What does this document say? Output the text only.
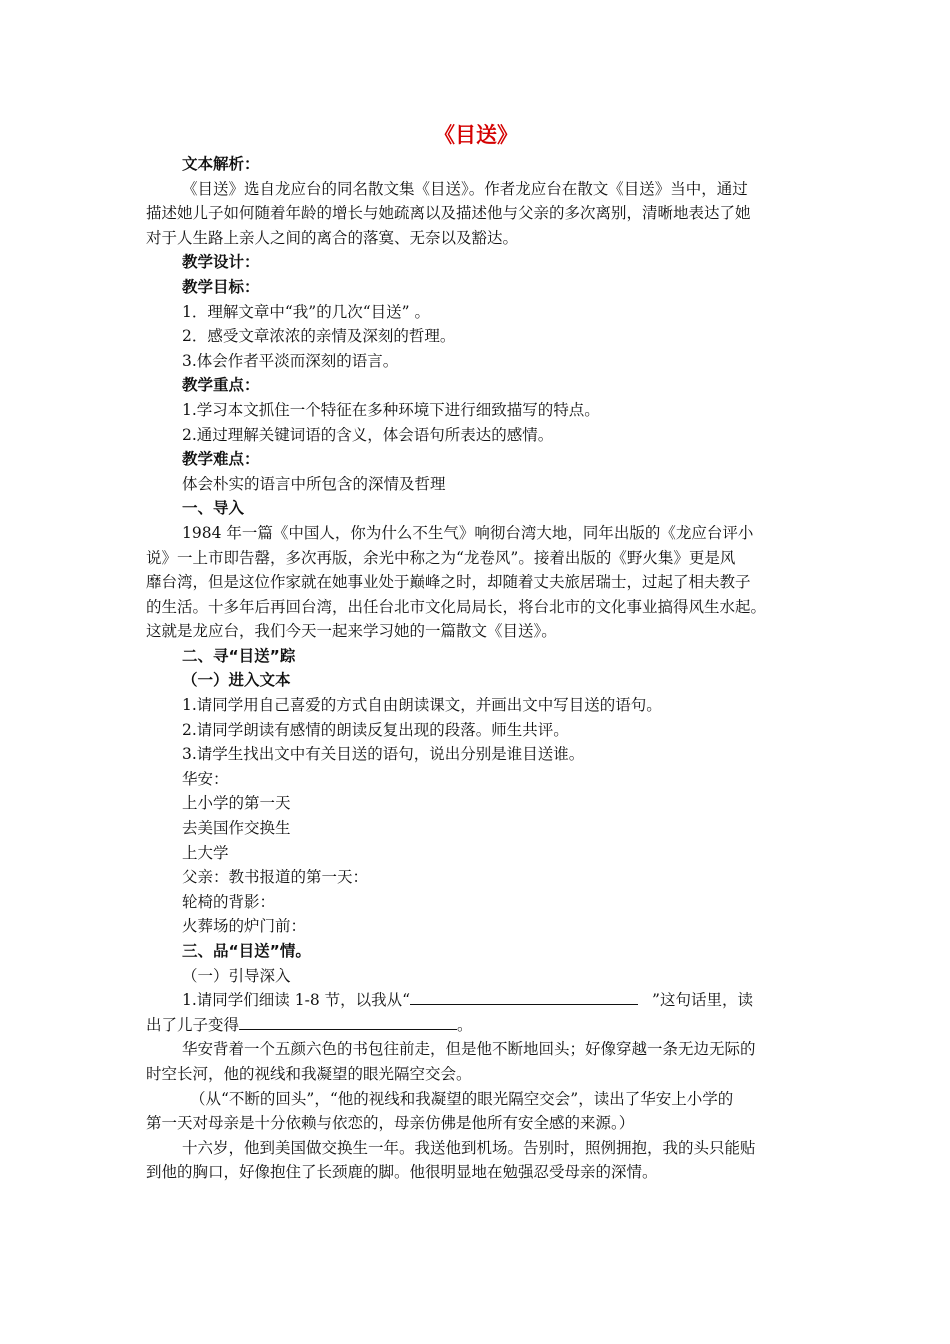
《目送》
文本解析：
《目送》选自龙应台的同名散文集《目送》。作者龙应台在散文《目送》当中，通过
描述她儿子如何随着年龄的增长与她疏离以及描述他与父亲的多次离别，清晰地表达了她
对于人生路上亲人之间的离合的落寞、无奈以及豁达。
教学设计：
教学目标：
1．理解文章中“我”的几次“目送” 。
2．感受文章浓浓的亲情及深刻的哲理。
3.体会作者平淡而深刻的语言。
教学重点：
1.学习本文抓住一个特征在多种环境下进行细致描写的特点。
2.通过理解关键词语的含义，体会语句所表达的感情。
教学难点：
体会朴实的语言中所包含的深情及哲理
一、导入
1984 年一篇《中国人，你为什么不生气》响彻台湾大地，同年出版的《龙应台评小
说》一上市即告罄，多次再版，余光中称之为“龙卷风”。接着出版的《野火集》更是风
靡台湾，但是这位作家就在她事业处于巅峰之时，却随着丈夫旅居瑞士，过起了相夫教子
的生活。十多年后再回台湾，出任台北市文化局局长，将台北市的文化事业搞得风生水起。
这就是龙应台，我们今天一起来学习她的一篇散文《目送》。
二、寻“目送”踪
（一）进入文本
1.请同学用自己喜爱的方式自由朗读课文，并画出文中写目送的语句。
2.请同学朗读有感情的朗读反复出现的段落。师生共评。
3.请学生找出文中有关目送的语句，说出分别是谁目送谁。
华安：
上小学的第一天
去美国作交换生
上大学
父亲：教书报道的第一天：
轮椅的背影：
火葬场的炉门前：
三、品“目送”情。
（一）引导深入
1.请同学们细读 1-8 节，以我从“	”这句话里，读
出了儿子变得	。
华安背着一个五颜六色的书包往前走，但是他不断地回头；好像穿越一条无边无际的
时空长河，他的视线和我凝望的眼光隔空交会。
（从“不断的回头”，“他的视线和我凝望的眼光隔空交会”，读出了华安上小学的
第一天对母亲是十分依赖与依恋的，母亲仿佛是他所有安全感的来源。）
十六岁，他到美国做交换生一年。我送他到机场。告别时，照例拥抱，我的头只能贴
到他的胸口，好像抱住了长颈鹿的脚。他很明显地在勉强忍受母亲的深情。
